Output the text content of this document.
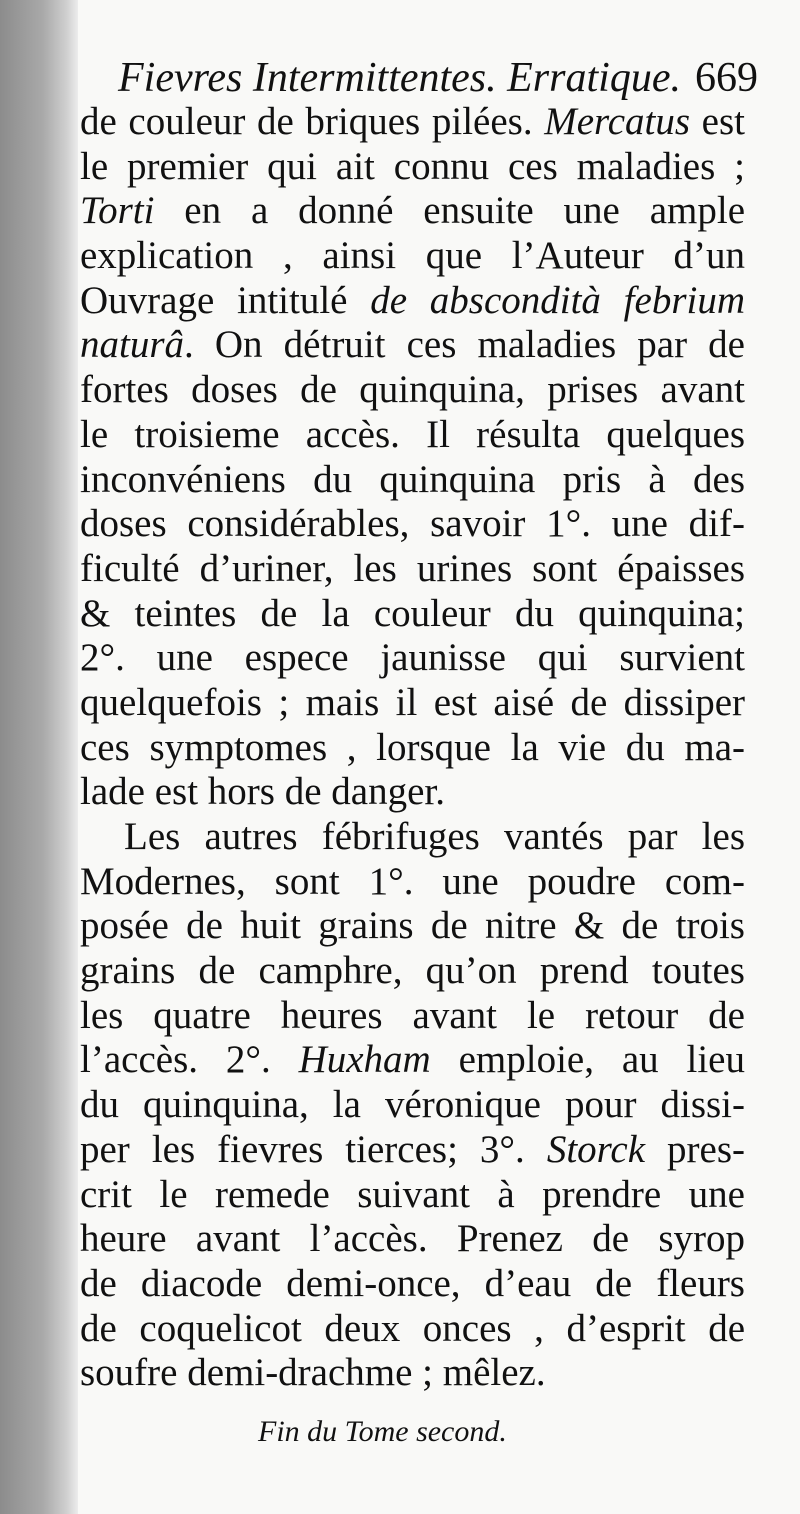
Fievres Intermittentes. Erratique. 669
de couleur de briques pilées. Mercatus est
le premier qui ait connu ces maladies ;
Torti en a donné ensuite une ample
explication , ainsi que l’Auteur d’un
Ouvrage intitulé de abscondità febrium
naturâ. On détruit ces maladies par de
fortes doses de quinquina, prises avant
le troisieme accès. Il résulta quelques
inconvéniens du quinquina pris à des
doses considérables, savoir 1°. une dif-
ficulté d’uriner, les urines sont épaisses
& teintes de la couleur du quinquina;
2°. une espece jaunisse qui survient
quelquefois ; mais il est aisé de dissiper
ces symptomes , lorsque la vie du ma-
lade est hors de danger.
Les autres fébrifuges vantés par les
Modernes, sont 1°. une poudre com-
posée de huit grains de nitre & de trois
grains de camphre, qu’on prend toutes
les quatre heures avant le retour de
l’accès. 2°. Huxham emploie, au lieu
du quinquina, la véronique pour dissi-
per les fievres tierces; 3°. Storck pres-
crit le remede suivant à prendre une
heure avant l’accès. Prenez de syrop
de diacode demi-once, d’eau de fleurs
de coquelicot deux onces , d’esprit de
soufre demi-drachme ; mêlez.
Fin du Tome second.
